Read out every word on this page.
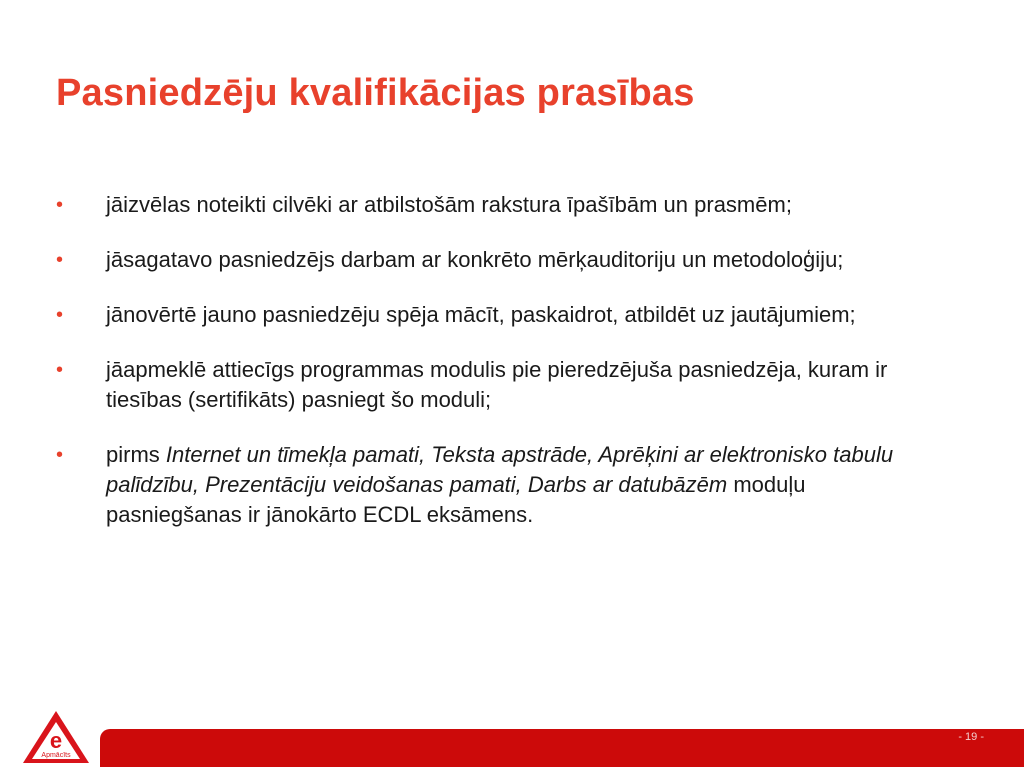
Pasniedzēju kvalifikācijas prasības
•	jāizvēlas noteikti cilvēki ar atbilstošām rakstura īpašībām un prasmēm;
•	jāsagatavo pasniedzējs darbam ar konkrēto mērķauditoriju un metodoloģiju;
•	jānovērtē jauno pasniedzēju spēja mācīt, paskaidrot, atbildēt uz jautājumiem;
•	jāapmeklē attiecīgs programmas modulis pie pieredzējuša pasniedzēja, kuram ir tiesības (sertifikāts) pasniegt šo moduli;
•	pirms Internet un tīmekļa pamati, Teksta apstrāde, Aprēķini ar elektronisko tabulu palīdzību, Prezentāciju veidošanas pamati, Darbs ar datubāzēm moduļu pasniegšanas ir jānokārto ECDL eksāmens.
e
Apmācīts
- 19 -
